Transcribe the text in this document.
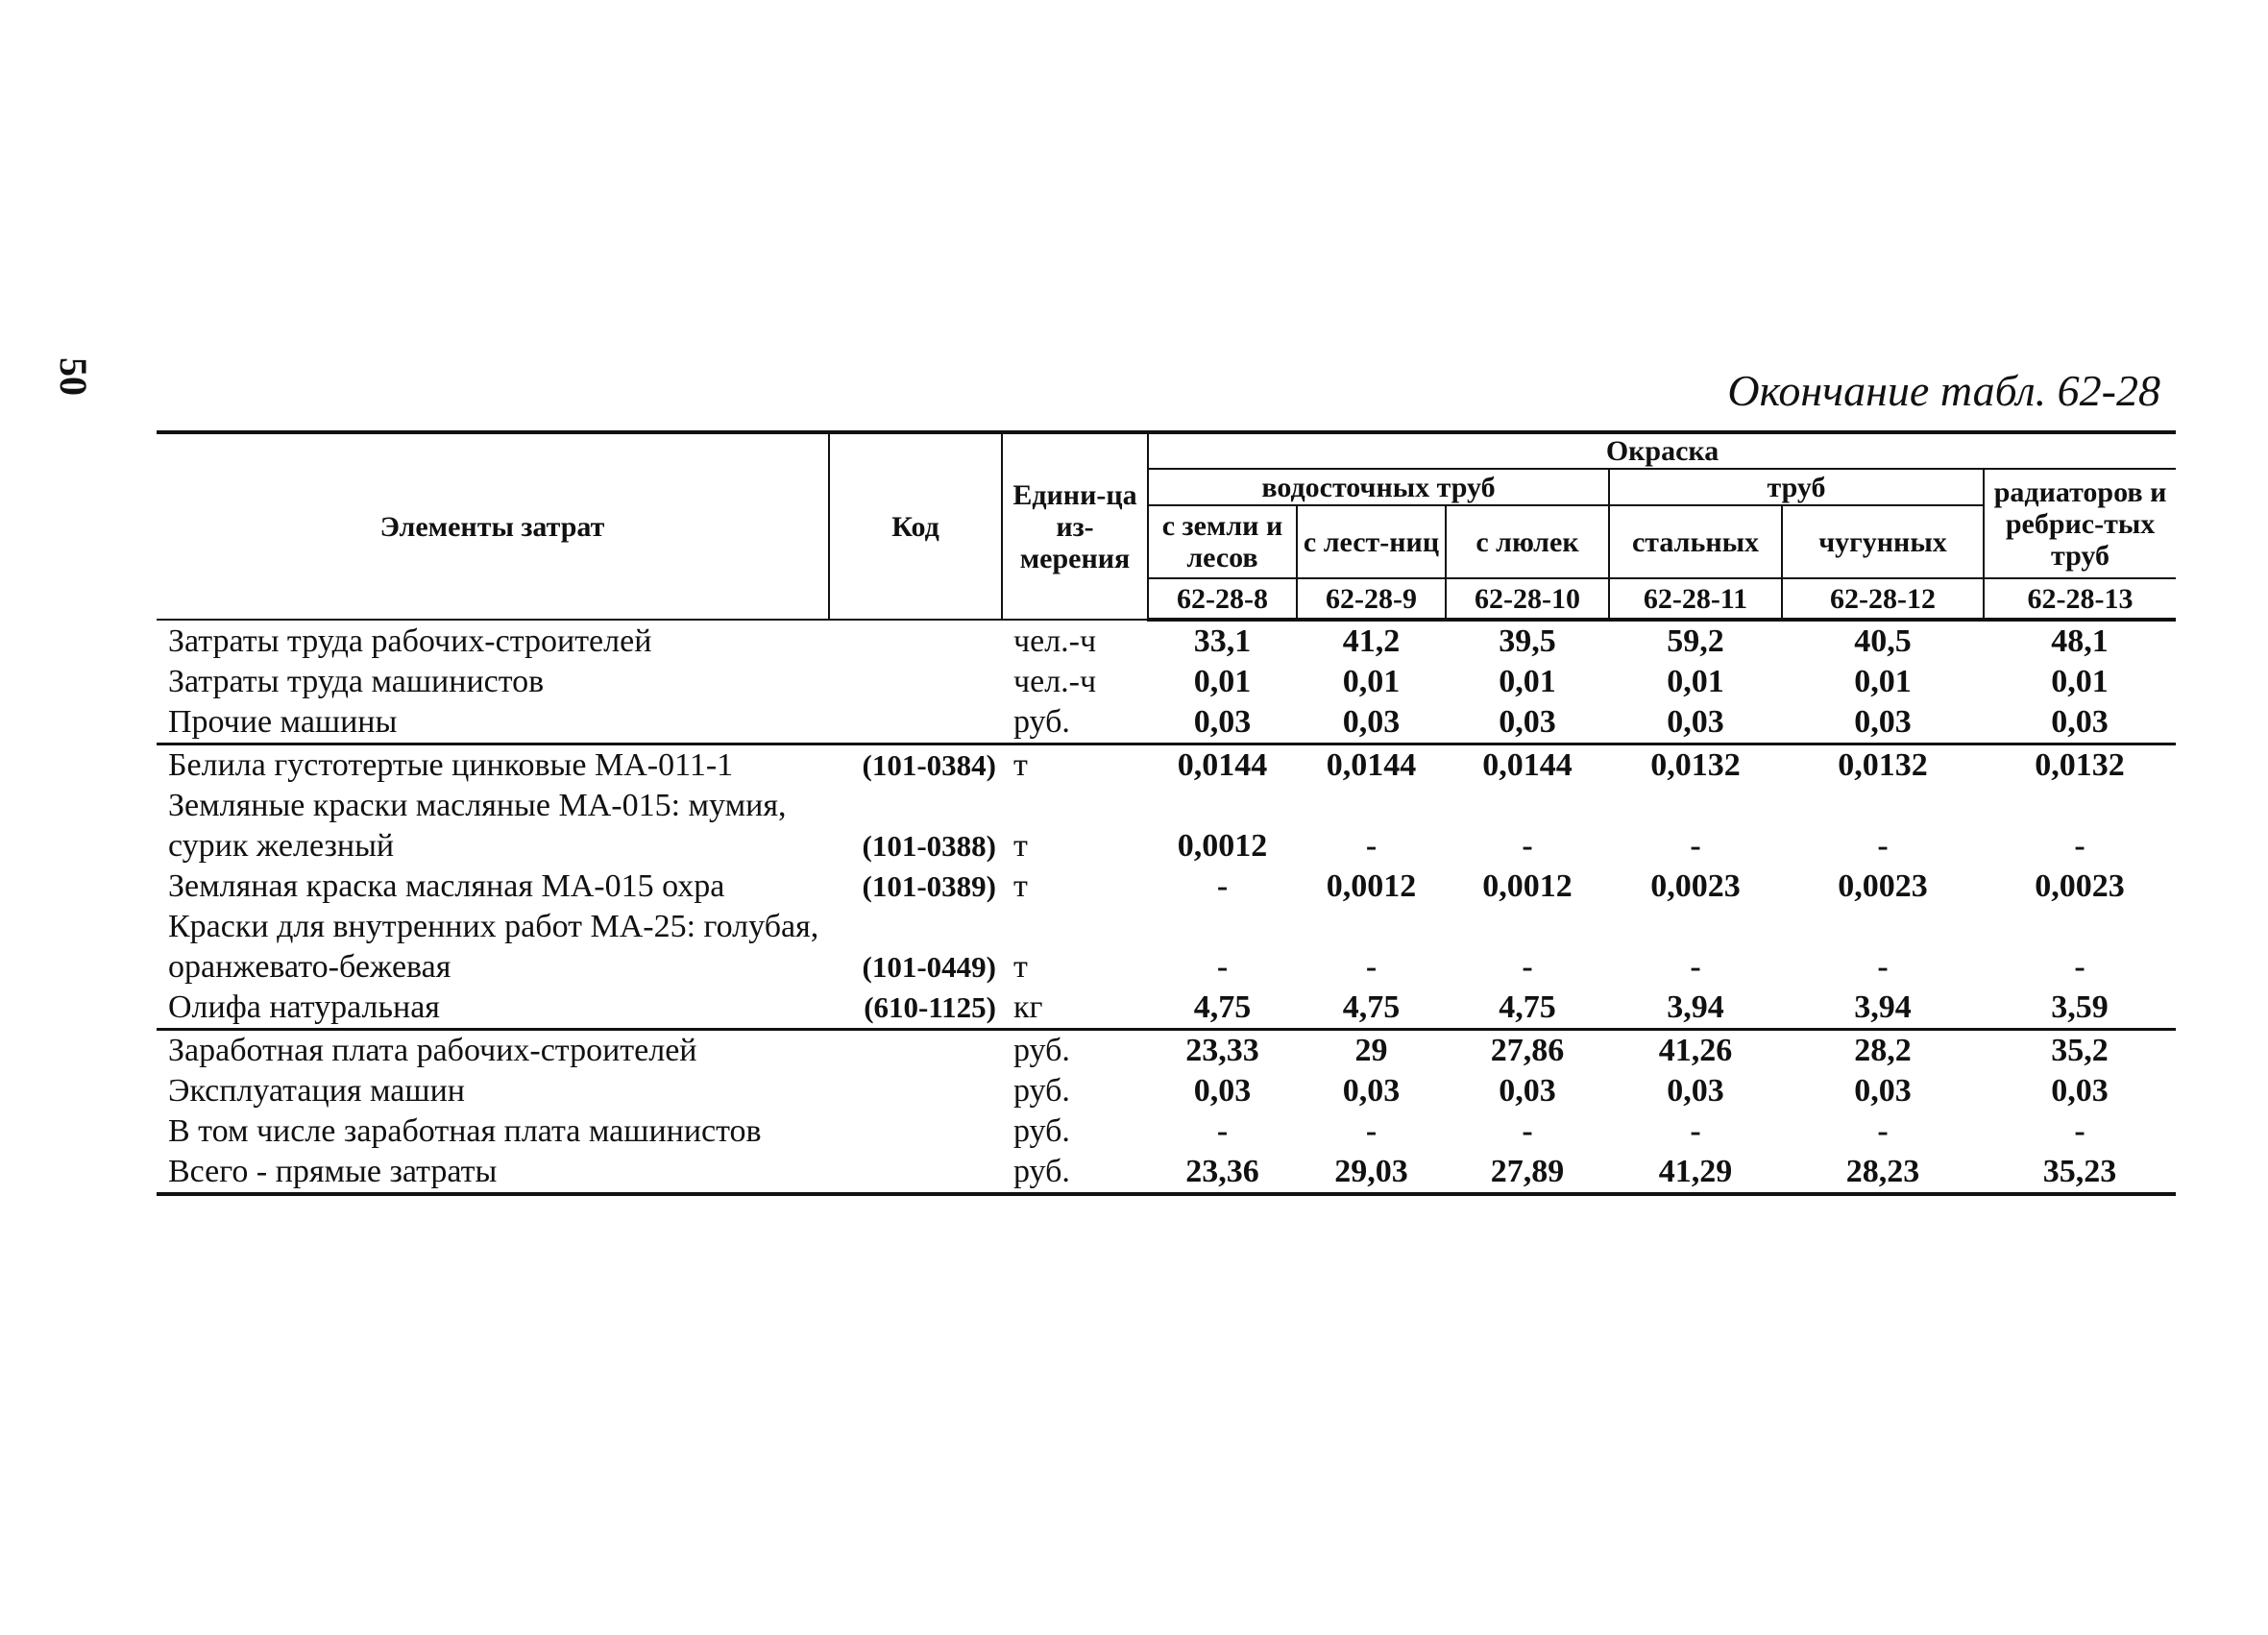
50	Окончание табл. 62-28
Элементы затрат	Код	Едини-ца из-мерения	Окраска					
			водосточных труб			труб		радиаторов и ребрис-тых труб
			с земли и лесов	с лест-ниц	с люлек	стальных	чугунных	
			62-28-8	62-28-9	62-28-10	62-28-11	62-28-12	62-28-13
Затраты труда рабочих-строителей		чел.-ч	33,1	41,2	39,5	59,2	40,5	48,1
Затраты труда машинистов		чел.-ч	0,01	0,01	0,01	0,01	0,01	0,01
Прочие машины		руб.	0,03	0,03	0,03	0,03	0,03	0,03
Белила густотертые цинковые МА-011-1	(101-0384)	т	0,0144	0,0144	0,0144	0,0132	0,0132	0,0132
Земляные краски масляные МА-015: мумия, сурик железный	(101-0388)	т	0,0012	-	-	-	-	-
Земляная краска масляная МА-015 охра	(101-0389)	т	-	0,0012	0,0012	0,0023	0,0023	0,0023
Краски для внутренних работ МА-25: голубая, оранжевато-бежевая	(101-0449)	т	-	-	-	-	-	-
Олифа натуральная	(610-1125)	кг	4,75	4,75	4,75	3,94	3,94	3,59
Заработная плата рабочих-строителей		руб.	23,33	29	27,86	41,26	28,2	35,2
Эксплуатация машин		руб.	0,03	0,03	0,03	0,03	0,03	0,03
В том числе заработная плата машинистов		руб.	-	-	-	-	-	-
Всего - прямые затраты		руб.	23,36	29,03	27,89	41,29	28,23	35,23
